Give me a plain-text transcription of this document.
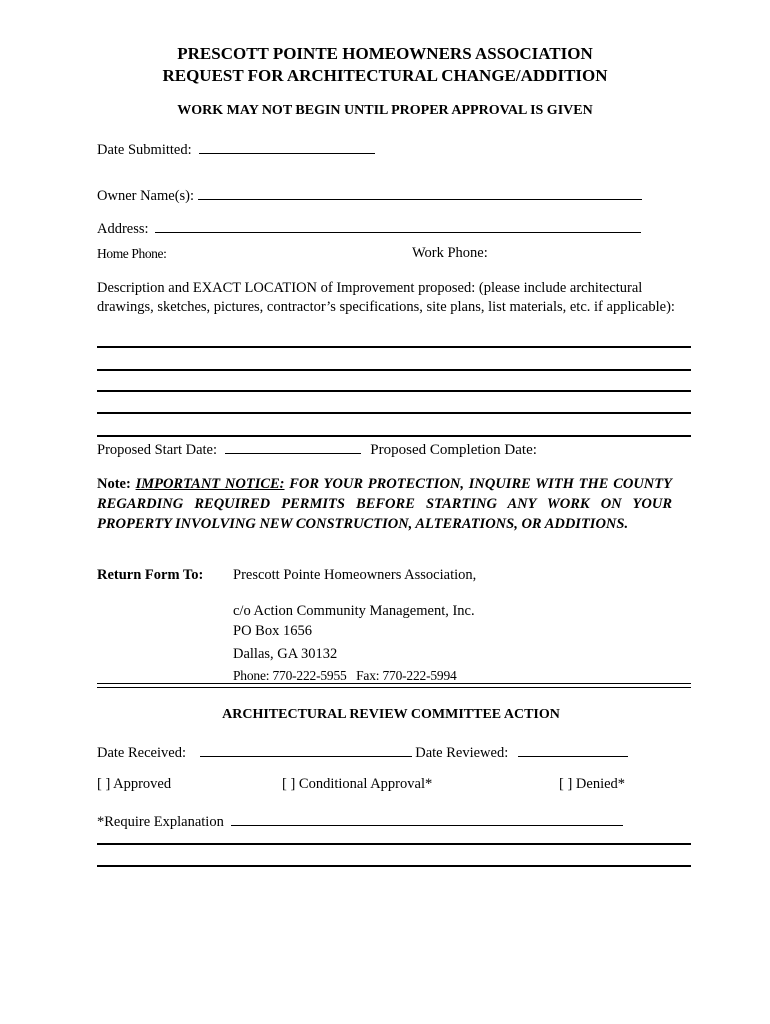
PRESCOTT POINTE HOMEOWNERS ASSOCIATION
REQUEST FOR ARCHITECTURAL CHANGE/ADDITION
WORK MAY NOT BEGIN UNTIL PROPER APPROVAL IS GIVEN
Date Submitted:
Owner Name(s):
Address:
Home Phone:	Work Phone:
Description and EXACT LOCATION of Improvement proposed: (please include architectural drawings, sketches, pictures, contractor’s specifications, site plans, list materials, etc. if applicable):
Proposed Start Date:	Proposed Completion Date:
Note: IMPORTANT NOTICE: FOR YOUR PROTECTION, INQUIRE WITH THE COUNTY REGARDING REQUIRED PERMITS BEFORE STARTING ANY WORK ON YOUR PROPERTY INVOLVING NEW CONSTRUCTION, ALTERATIONS, OR ADDITIONS.
Return Form To: Prescott Pointe Homeowners Association,
c/o Action Community Management, Inc.
PO Box 1656
Dallas, GA 30132
Phone: 770-222-5955   Fax: 770-222-5994
ARCHITECTURAL REVIEW COMMITTEE ACTION
Date Received:	Date Reviewed:
[ ] Approved	[ ] Conditional Approval*	[ ] Denied*
*Require Explanation
